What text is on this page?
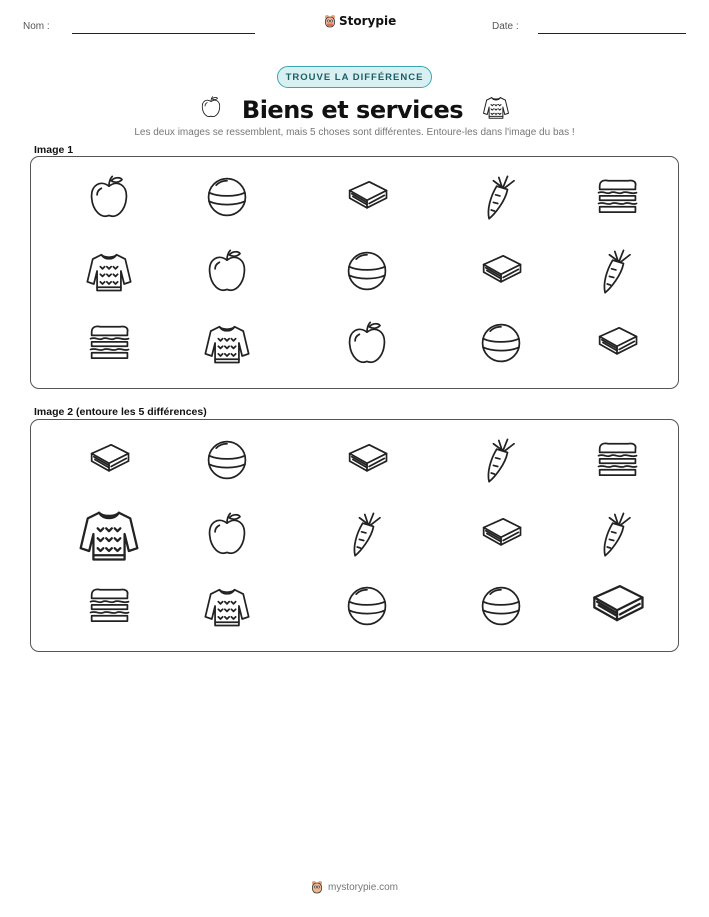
Nom :	Storypie	Date :
TROUVE LA DIFFÉRENCE
Biens et services
Les deux images se ressemblent, mais 5 choses sont différentes. Entoure-les dans l'image du bas !
Image 1
Image 2 (entoure les 5 différences)
mystorypie.com
